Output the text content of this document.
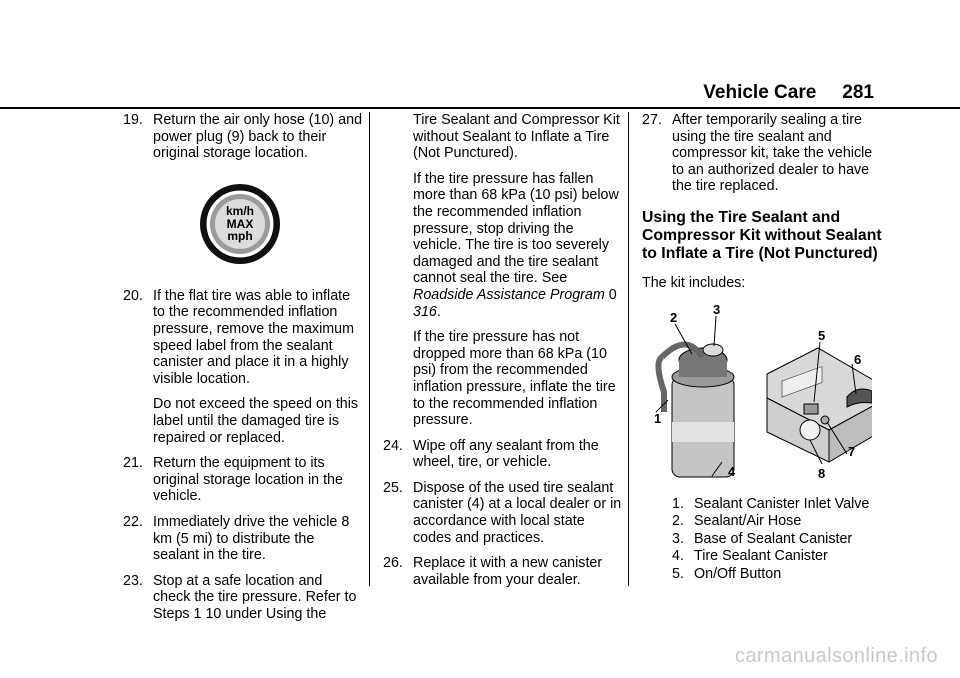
Vehicle Care 281
19. Return the air only hose (10) and power plug (9) back to their original storage location.
km/h
MAX
mph
20. If the flat tire was able to inflate to the recommended inflation pressure, remove the maximum speed label from the sealant canister and place it in a highly visible location.
Do not exceed the speed on this label until the damaged tire is repaired or replaced.
21. Return the equipment to its original storage location in the vehicle.
22. Immediately drive the vehicle 8 km (5 mi) to distribute the sealant in the tire.
23. Stop at a safe location and check the tire pressure. Refer to Steps 1 10 under Using the
Tire Sealant and Compressor Kit without Sealant to Inflate a Tire (Not Punctured).
If the tire pressure has fallen more than 68 kPa (10 psi) below the recommended inflation pressure, stop driving the vehicle. The tire is too severely damaged and the tire sealant cannot seal the tire. See Roadside Assistance Program 0 316.
If the tire pressure has not dropped more than 68 kPa (10 psi) from the recommended inflation pressure, inflate the tire to the recommended inflation pressure.
24. Wipe off any sealant from the wheel, tire, or vehicle.
25. Dispose of the used tire sealant canister (4) at a local dealer or in accordance with local state codes and practices.
26. Replace it with a new canister available from your dealer.
27. After temporarily sealing a tire using the tire sealant and compressor kit, take the vehicle to an authorized dealer to have the tire replaced.
Using the Tire Sealant and Compressor Kit without Sealant to Inflate a Tire (Not Punctured)
The kit includes:
1
2
3
4
5
6
7
8
1. Sealant Canister Inlet Valve
2. Sealant/Air Hose
3. Base of Sealant Canister
4. Tire Sealant Canister
5. On/Off Button
carmanualsonline.info
